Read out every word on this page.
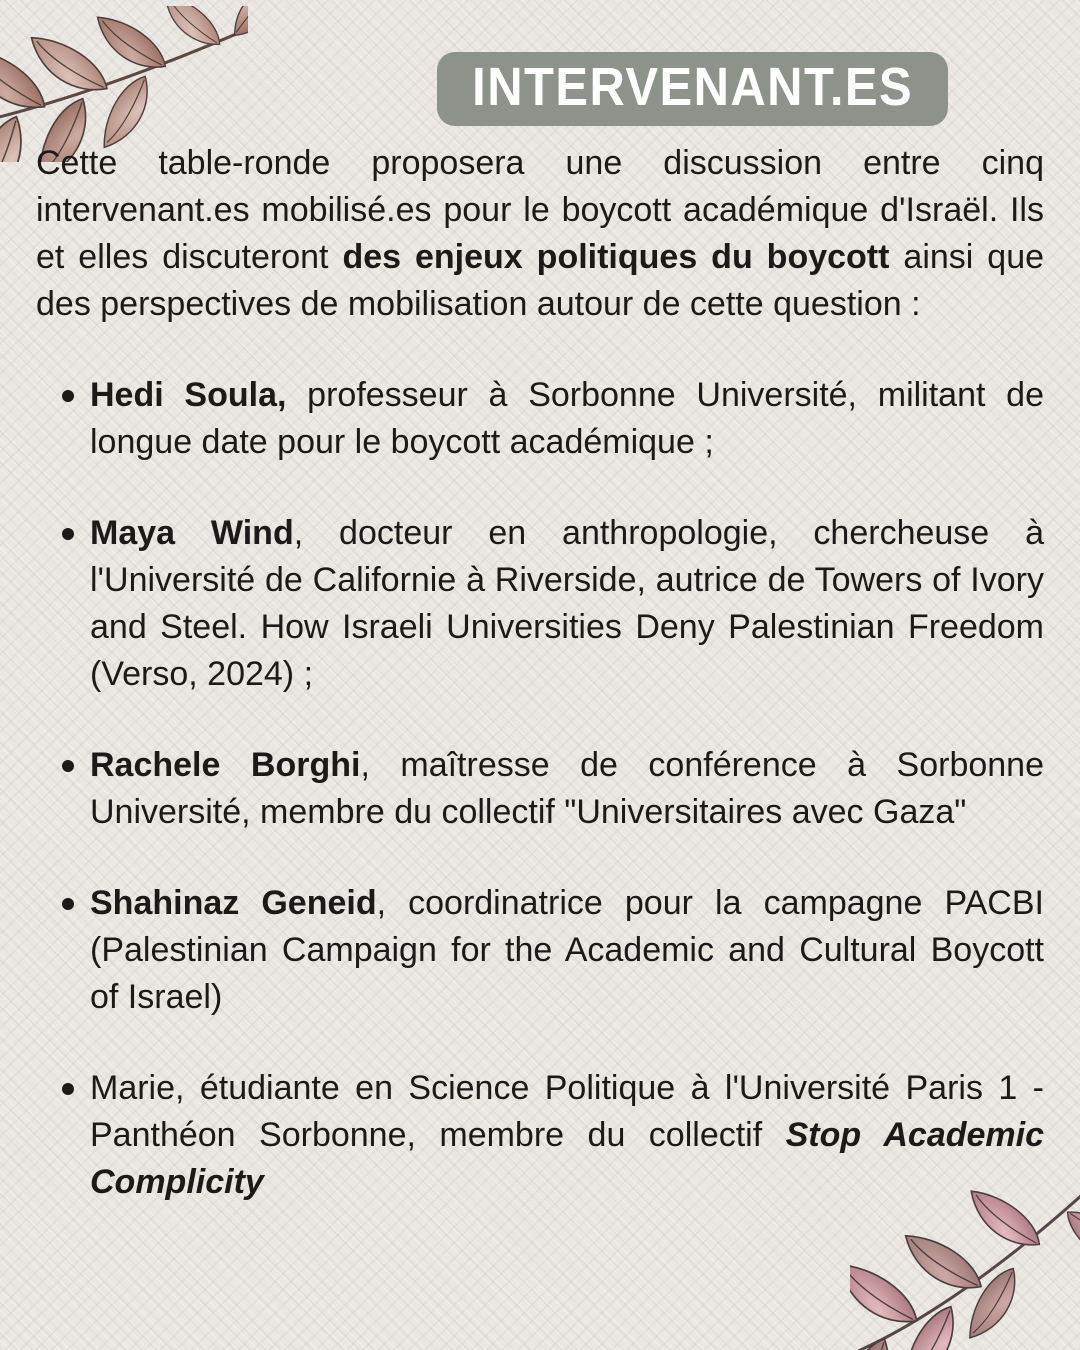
INTERVENANT.ES

Cette table-ronde proposera une discussion entre cinq intervenant.es mobilisé.es pour le boycott académique d'Israël. Ils et elles discuteront des enjeux politiques du boycott ainsi que des perspectives de mobilisation autour de cette question :

Hedi Soula, professeur à Sorbonne Université, militant de longue date pour le boycott académique ;
Maya Wind, docteur en anthropologie, chercheuse à l'Université de Californie à Riverside, autrice de Towers of Ivory and Steel. How Israeli Universities Deny Palestinian Freedom (Verso, 2024) ;
Rachele Borghi, maîtresse de conférence à Sorbonne Université, membre du collectif "Universitaires avec Gaza"
Shahinaz Geneid, coordinatrice pour la campagne PACBI (Palestinian Campaign for the Academic and Cultural Boycott of Israel)
Marie, étudiante en Science Politique à l'Université Paris 1 - Panthéon Sorbonne, membre du collectif Stop Academic Complicity
